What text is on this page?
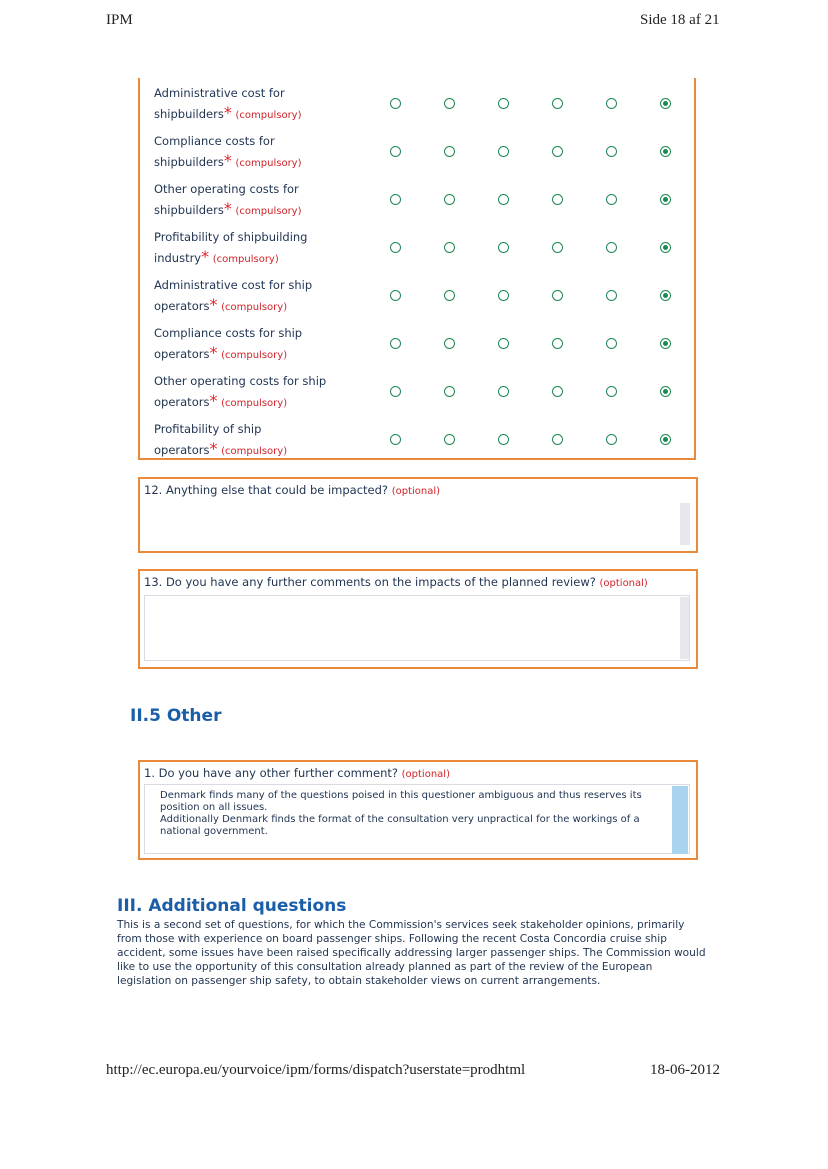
IPM	Side 18 af 21
Administrative cost for
shipbuilders* (compulsory)
Compliance costs for
shipbuilders* (compulsory)
Other operating costs for
shipbuilders* (compulsory)
Profitability of shipbuilding
industry* (compulsory)
Administrative cost for ship
operators* (compulsory)
Compliance costs for ship
operators* (compulsory)
Other operating costs for ship
operators* (compulsory)
Profitability of ship
operators* (compulsory)
12. Anything else that could be impacted? (optional)
13. Do you have any further comments on the impacts of the planned review? (optional)
II.5 Other
1. Do you have any other further comment? (optional)
Denmark finds many of the questions poised in this questioner ambiguous and thus reserves its
position on all issues.
Additionally Denmark finds the format of the consultation very unpractical for the workings of a
national government.
III. Additional questions
This is a second set of questions, for which the Commission's services seek stakeholder opinions, primarily from those with experience on board passenger ships. Following the recent Costa Concordia cruise ship accident, some issues have been raised specifically addressing larger passenger ships. The Commission would like to use the opportunity of this consultation already planned as part of the review of the European legislation on passenger ship safety, to obtain stakeholder views on current arrangements.
http://ec.europa.eu/yourvoice/ipm/forms/dispatch?userstate=prodhtml	18-06-2012
